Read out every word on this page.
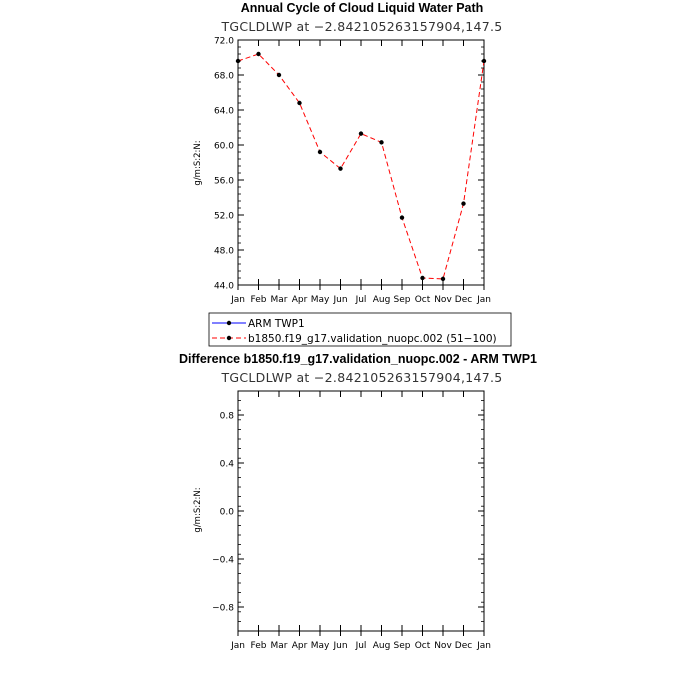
Annual Cycle of Cloud Liquid Water Path
TGCLDLWP at −2.842105263157904,147.5
g/m:S:2:N:
44.0
48.0
52.0
56.0
60.0
64.0
68.0
72.0
Jan Feb Mar Apr May Jun Jul Aug Sep Oct Nov Dec Jan
ARM TWP1
b1850.f19_g17.validation_nuopc.002 (51−100)
Difference b1850.f19_g17.validation_nuopc.002 - ARM TWP1
TGCLDLWP at −2.842105263157904,147.5
g/m:S:2:N:
−0.8
−0.4
0.0
0.4
0.8
Jan Feb Mar Apr May Jun Jul Aug Sep Oct Nov Dec Jan
